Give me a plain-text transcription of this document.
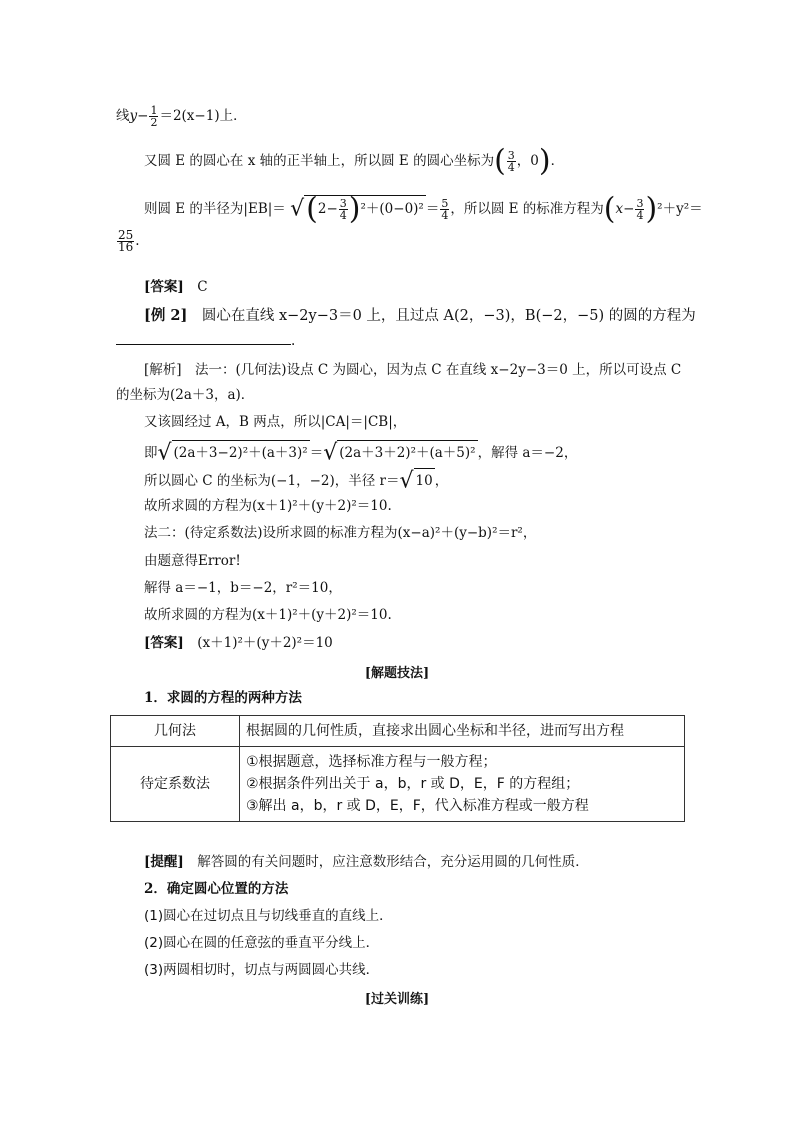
线$y- \frac{1}{2} =2(x-1)$上．
又圆 E 的圆心在 x 轴的正半轴上，所以圆 E 的圆心坐标为( $\frac{3}{4}$ ，0)．
则圆 E 的半径为$|EB|= √(2- \frac{3}{4} )^2+(0-0)^2 = \frac{5}{4}$ ，所以圆 E 的标准方程为$(x- \frac{3}{4} )^2+y^2=$
$\frac{25}{16}$ .
[答案]　 C
[例 2]　 圆心在直线 x−2y−3＝0 上，且过点 A(2，−3)，B(−2，−5) 的圆的方程为
.
[解析]　法一：(几何法)设点 C 为圆心，因为点 C 在直线 x−2y−3＝0 上，所以可设点 C
的坐标为(2a＋3，a)．
又该圆经过 A，B 两点，所以|CA|＝|CB|，
即√ (2a＋3−2)²＋(a＋3)² ＝√ (2a＋3＋2)²＋(a＋5)² ，解得 a＝−2，
所以圆心 C 的坐标为(−1，−2)，半径 r＝√ 10 ，
故所求圆的方程为(x＋1)²＋(y＋2)²＝10.
法二：(待定系数法)设所求圆的标准方程为(x−a)²＋(y−b)²＝r²，
由题意得Error!
解得 a＝−1，b＝−2，r²＝10，
故所求圆的方程为(x＋1)²＋(y＋2)²＝10.
[答案]　 (x＋1)²＋(y＋2)²＝10
[解题技法]
1．求圆的方程的两种方法
几何法	根据圆的几何性质，直接求出圆心坐标和半径，进而写出方程
待定系数法	①根据题意，选择标准方程与一般方程；
②根据条件列出关于 a，b，r 或 D，E，F 的方程组；
③解出 a，b，r 或 D，E，F，代入标准方程或一般方程
[提醒]　 解答圆的有关问题时，应注意数形结合，充分运用圆的几何性质．
2．确定圆心位置的方法
(1)圆心在过切点且与切线垂直的直线上．
(2)圆心在圆的任意弦的垂直平分线上．
(3)两圆相切时，切点与两圆圆心共线．
[过关训练]
